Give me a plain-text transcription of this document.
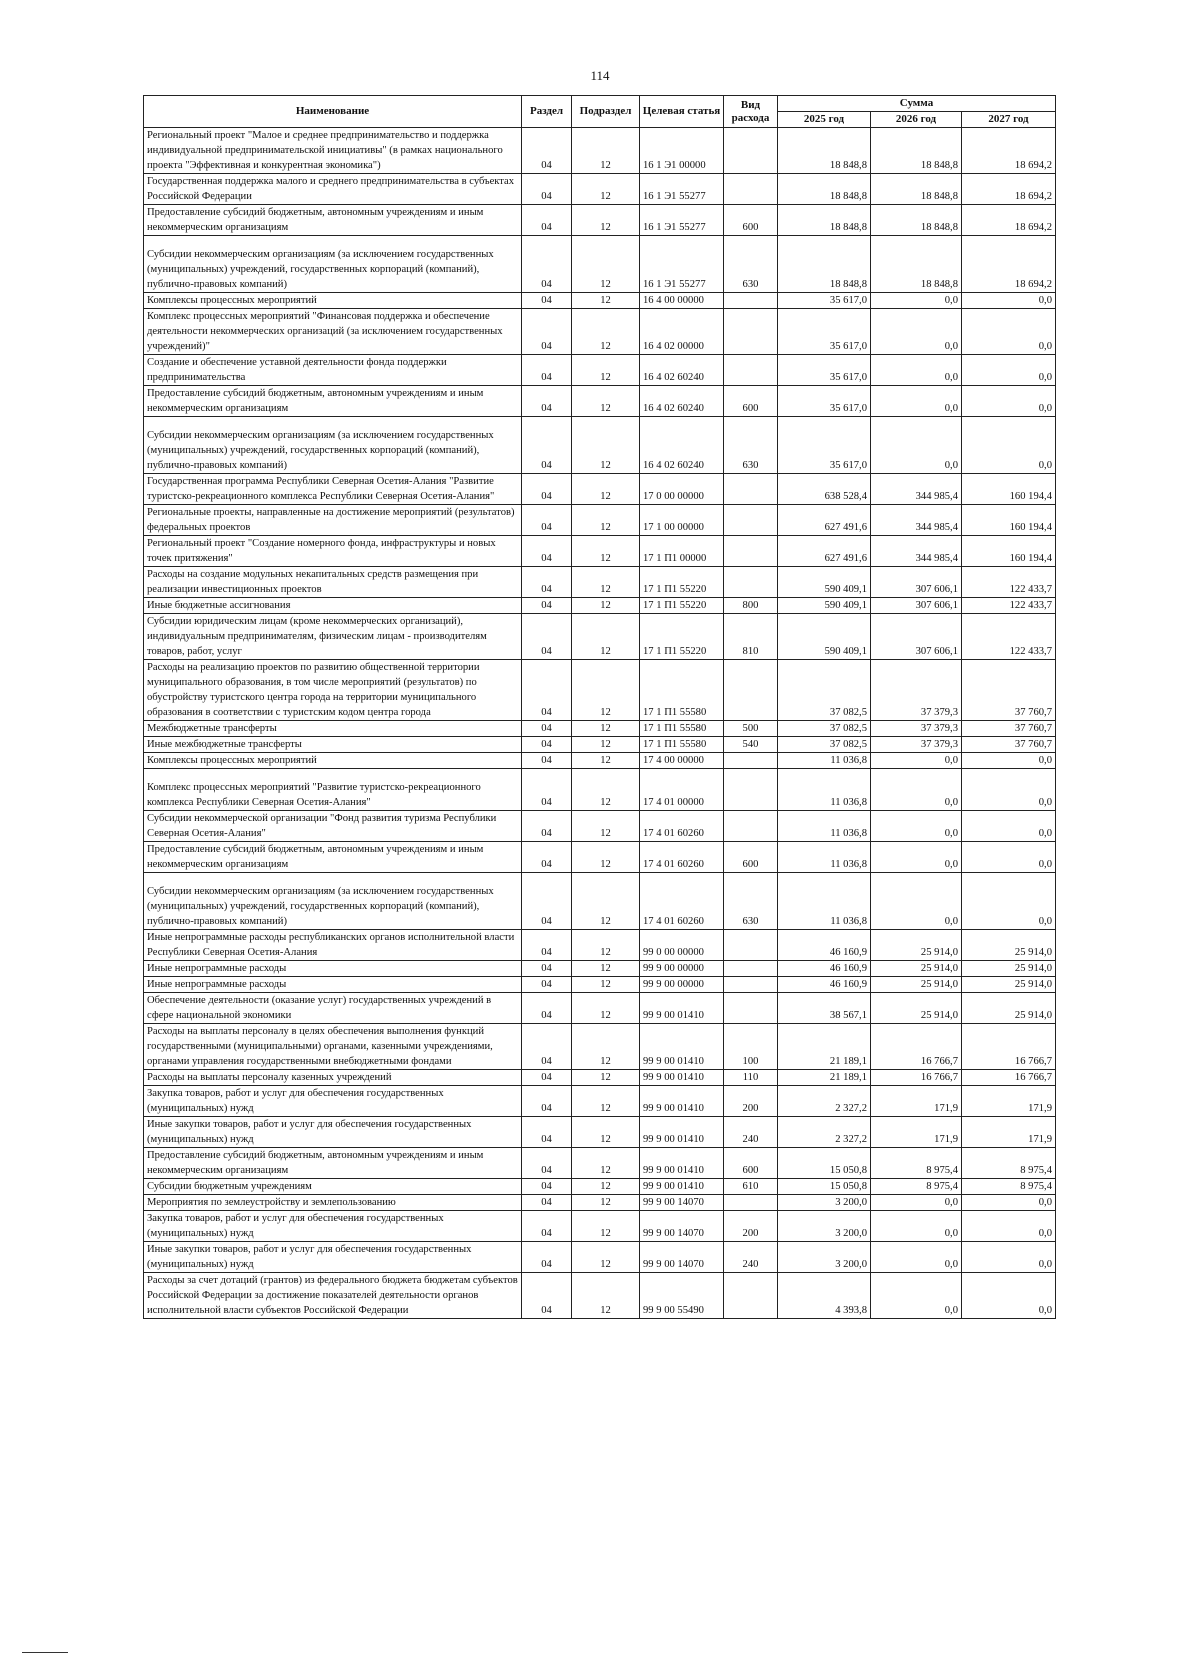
114
Наименование	Раздел	Подраздел	Целевая статья	Вид расхода	Сумма		
					2025 год	2026 год	2027 год
Региональный проект "Малое и среднее предпринимательство и поддержка индивидуальной предпринимательской инициативы" (в рамках национального проекта "Эффективная и конкурентная экономика")	04	12	16 1 Э1 00000		18 848,8	18 848,8	18 694,2
Государственная поддержка малого и среднего предпринимательства в субъектах Российской Федерации	04	12	16 1 Э1 55277		18 848,8	18 848,8	18 694,2
Предоставление субсидий бюджетным, автономным учреждениям и иным некоммерческим организациям	04	12	16 1 Э1 55277	600	18 848,8	18 848,8	18 694,2
Субсидии некоммерческим организациям (за исключением государственных (муниципальных) учреждений, государственных корпораций (компаний), публично-правовых компаний)	04	12	16 1 Э1 55277	630	18 848,8	18 848,8	18 694,2
Комплексы процессных мероприятий	04	12	16 4 00 00000		35 617,0	0,0	0,0
Комплекс процессных мероприятий "Финансовая поддержка и обеспечение деятельности некоммерческих организаций (за исключением государственных учреждений)"	04	12	16 4 02 00000		35 617,0	0,0	0,0
Создание и обеспечение уставной деятельности фонда поддержки предпринимательства	04	12	16 4 02 60240		35 617,0	0,0	0,0
Предоставление субсидий бюджетным, автономным учреждениям и иным некоммерческим организациям	04	12	16 4 02 60240	600	35 617,0	0,0	0,0
Субсидии некоммерческим организациям (за исключением государственных (муниципальных) учреждений, государственных корпораций (компаний), публично-правовых компаний)	04	12	16 4 02 60240	630	35 617,0	0,0	0,0
Государственная программа Республики Северная Осетия-Алания "Развитие туристско-рекреационного комплекса Республики Северная Осетия-Алания"	04	12	17 0 00 00000		638 528,4	344 985,4	160 194,4
Региональные проекты, направленные на достижение мероприятий (результатов) федеральных проектов	04	12	17 1 00 00000		627 491,6	344 985,4	160 194,4
Региональный проект "Создание номерного фонда, инфраструктуры и новых точек притяжения"	04	12	17 1 П1 00000		627 491,6	344 985,4	160 194,4
Расходы на создание модульных некапитальных средств размещения при реализации инвестиционных проектов	04	12	17 1 П1 55220		590 409,1	307 606,1	122 433,7
Иные бюджетные ассигнования	04	12	17 1 П1 55220	800	590 409,1	307 606,1	122 433,7
Субсидии юридическим лицам (кроме некоммерческих организаций), индивидуальным предпринимателям, физическим лицам - производителям товаров, работ, услуг	04	12	17 1 П1 55220	810	590 409,1	307 606,1	122 433,7
Расходы на реализацию проектов по развитию общественной территории муниципального образования, в том числе мероприятий (результатов) по обустройству туристского центра города на территории муниципального образования в соответствии с туристским кодом центра города	04	12	17 1 П1 55580		37 082,5	37 379,3	37 760,7
Межбюджетные трансферты	04	12	17 1 П1 55580	500	37 082,5	37 379,3	37 760,7
Иные межбюджетные трансферты	04	12	17 1 П1 55580	540	37 082,5	37 379,3	37 760,7
Комплексы процессных мероприятий	04	12	17 4 00 00000		11 036,8	0,0	0,0
Комплекс процессных мероприятий "Развитие туристско-рекреационного комплекса Республики Северная Осетия-Алания"	04	12	17 4 01 00000		11 036,8	0,0	0,0
Субсидии некоммерческой организации "Фонд развития туризма Республики Северная Осетия-Алания"	04	12	17 4 01 60260		11 036,8	0,0	0,0
Предоставление субсидий бюджетным, автономным учреждениям и иным некоммерческим организациям	04	12	17 4 01 60260	600	11 036,8	0,0	0,0
Субсидии некоммерческим организациям (за исключением государственных (муниципальных) учреждений, государственных корпораций (компаний), публично-правовых компаний)	04	12	17 4 01 60260	630	11 036,8	0,0	0,0
Иные непрограммные расходы республиканских органов исполнительной власти Республики Северная Осетия-Алания	04	12	99 0 00 00000		46 160,9	25 914,0	25 914,0
Иные непрограммные расходы	04	12	99 9 00 00000		46 160,9	25 914,0	25 914,0
Иные непрограммные расходы	04	12	99 9 00 00000		46 160,9	25 914,0	25 914,0
Обеспечение деятельности (оказание услуг) государственных учреждений в сфере национальной экономики	04	12	99 9 00 01410		38 567,1	25 914,0	25 914,0
Расходы на выплаты персоналу в целях обеспечения выполнения функций государственными (муниципальными) органами, казенными учреждениями, органами управления государственными внебюджетными фондами	04	12	99 9 00 01410	100	21 189,1	16 766,7	16 766,7
Расходы на выплаты персоналу казенных учреждений	04	12	99 9 00 01410	110	21 189,1	16 766,7	16 766,7
Закупка товаров, работ и услуг для обеспечения государственных (муниципальных) нужд	04	12	99 9 00 01410	200	2 327,2	171,9	171,9
Иные закупки товаров, работ и услуг для обеспечения государственных (муниципальных) нужд	04	12	99 9 00 01410	240	2 327,2	171,9	171,9
Предоставление субсидий бюджетным, автономным учреждениям и иным некоммерческим организациям	04	12	99 9 00 01410	600	15 050,8	8 975,4	8 975,4
Субсидии бюджетным учреждениям	04	12	99 9 00 01410	610	15 050,8	8 975,4	8 975,4
Мероприятия по землеустройству и землепользованию	04	12	99 9 00 14070		3 200,0	0,0	0,0
Закупка товаров, работ и услуг для обеспечения государственных (муниципальных) нужд	04	12	99 9 00 14070	200	3 200,0	0,0	0,0
Иные закупки товаров, работ и услуг для обеспечения государственных (муниципальных) нужд	04	12	99 9 00 14070	240	3 200,0	0,0	0,0
Расходы за счет дотаций (грантов) из федерального бюджета бюджетам субъектов Российской Федерации за достижение показателей деятельности органов исполнительной власти субъектов Российской Федерации	04	12	99 9 00 55490		4 393,8	0,0	0,0
